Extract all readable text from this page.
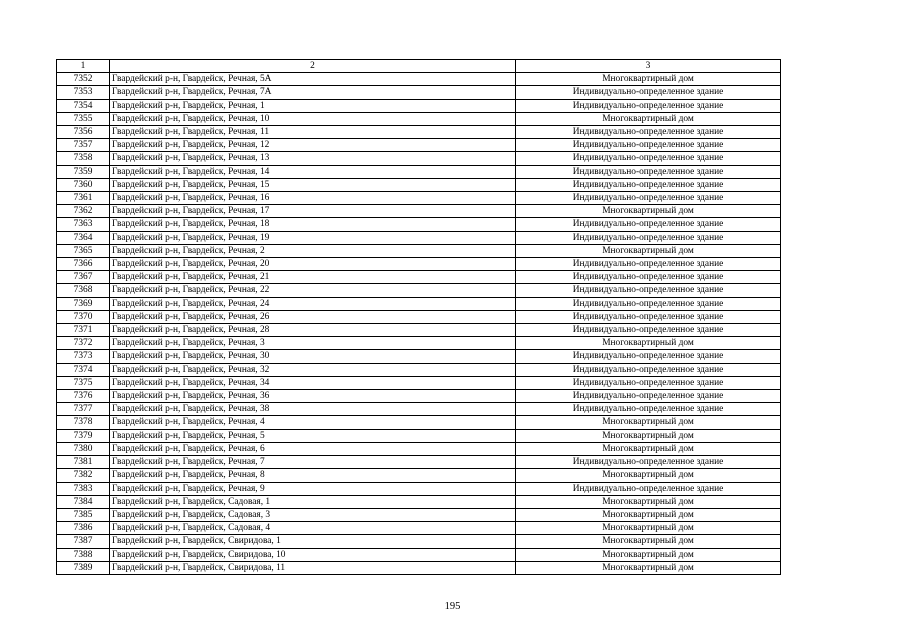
1	2	3
7352	Гвардейский р-н, Гвардейск, Речная, 5А	Многоквартирный дом
7353	Гвардейский р-н, Гвардейск, Речная, 7А	Индивидуально-определенное здание
7354	Гвардейский р-н, Гвардейск, Речная, 1	Индивидуально-определенное здание
7355	Гвардейский р-н, Гвардейск, Речная, 10	Многоквартирный дом
7356	Гвардейский р-н, Гвардейск, Речная, 11	Индивидуально-определенное здание
7357	Гвардейский р-н, Гвардейск, Речная, 12	Индивидуально-определенное здание
7358	Гвардейский р-н, Гвардейск, Речная, 13	Индивидуально-определенное здание
7359	Гвардейский р-н, Гвардейск, Речная, 14	Индивидуально-определенное здание
7360	Гвардейский р-н, Гвардейск, Речная, 15	Индивидуально-определенное здание
7361	Гвардейский р-н, Гвардейск, Речная, 16	Индивидуально-определенное здание
7362	Гвардейский р-н, Гвардейск, Речная, 17	Многоквартирный дом
7363	Гвардейский р-н, Гвардейск, Речная, 18	Индивидуально-определенное здание
7364	Гвардейский р-н, Гвардейск, Речная, 19	Индивидуально-определенное здание
7365	Гвардейский р-н, Гвардейск, Речная, 2	Многоквартирный дом
7366	Гвардейский р-н, Гвардейск, Речная, 20	Индивидуально-определенное здание
7367	Гвардейский р-н, Гвардейск, Речная, 21	Индивидуально-определенное здание
7368	Гвардейский р-н, Гвардейск, Речная, 22	Индивидуально-определенное здание
7369	Гвардейский р-н, Гвардейск, Речная, 24	Индивидуально-определенное здание
7370	Гвардейский р-н, Гвардейск, Речная, 26	Индивидуально-определенное здание
7371	Гвардейский р-н, Гвардейск, Речная, 28	Индивидуально-определенное здание
7372	Гвардейский р-н, Гвардейск, Речная, 3	Многоквартирный дом
7373	Гвардейский р-н, Гвардейск, Речная, 30	Индивидуально-определенное здание
7374	Гвардейский р-н, Гвардейск, Речная, 32	Индивидуально-определенное здание
7375	Гвардейский р-н, Гвардейск, Речная, 34	Индивидуально-определенное здание
7376	Гвардейский р-н, Гвардейск, Речная, 36	Индивидуально-определенное здание
7377	Гвардейский р-н, Гвардейск, Речная, 38	Индивидуально-определенное здание
7378	Гвардейский р-н, Гвардейск, Речная, 4	Многоквартирный дом
7379	Гвардейский р-н, Гвардейск, Речная, 5	Многоквартирный дом
7380	Гвардейский р-н, Гвардейск, Речная, 6	Многоквартирный дом
7381	Гвардейский р-н, Гвардейск, Речная, 7	Индивидуально-определенное здание
7382	Гвардейский р-н, Гвардейск, Речная, 8	Многоквартирный дом
7383	Гвардейский р-н, Гвардейск, Речная, 9	Индивидуально-определенное здание
7384	Гвардейский р-н, Гвардейск, Садовая, 1	Многоквартирный дом
7385	Гвардейский р-н, Гвардейск, Садовая, 3	Многоквартирный дом
7386	Гвардейский р-н, Гвардейск, Садовая, 4	Многоквартирный дом
7387	Гвардейский р-н, Гвардейск, Свиридова, 1	Многоквартирный дом
7388	Гвардейский р-н, Гвардейск, Свиридова, 10	Многоквартирный дом
7389	Гвардейский р-н, Гвардейск, Свиридова, 11	Многоквартирный дом
195
